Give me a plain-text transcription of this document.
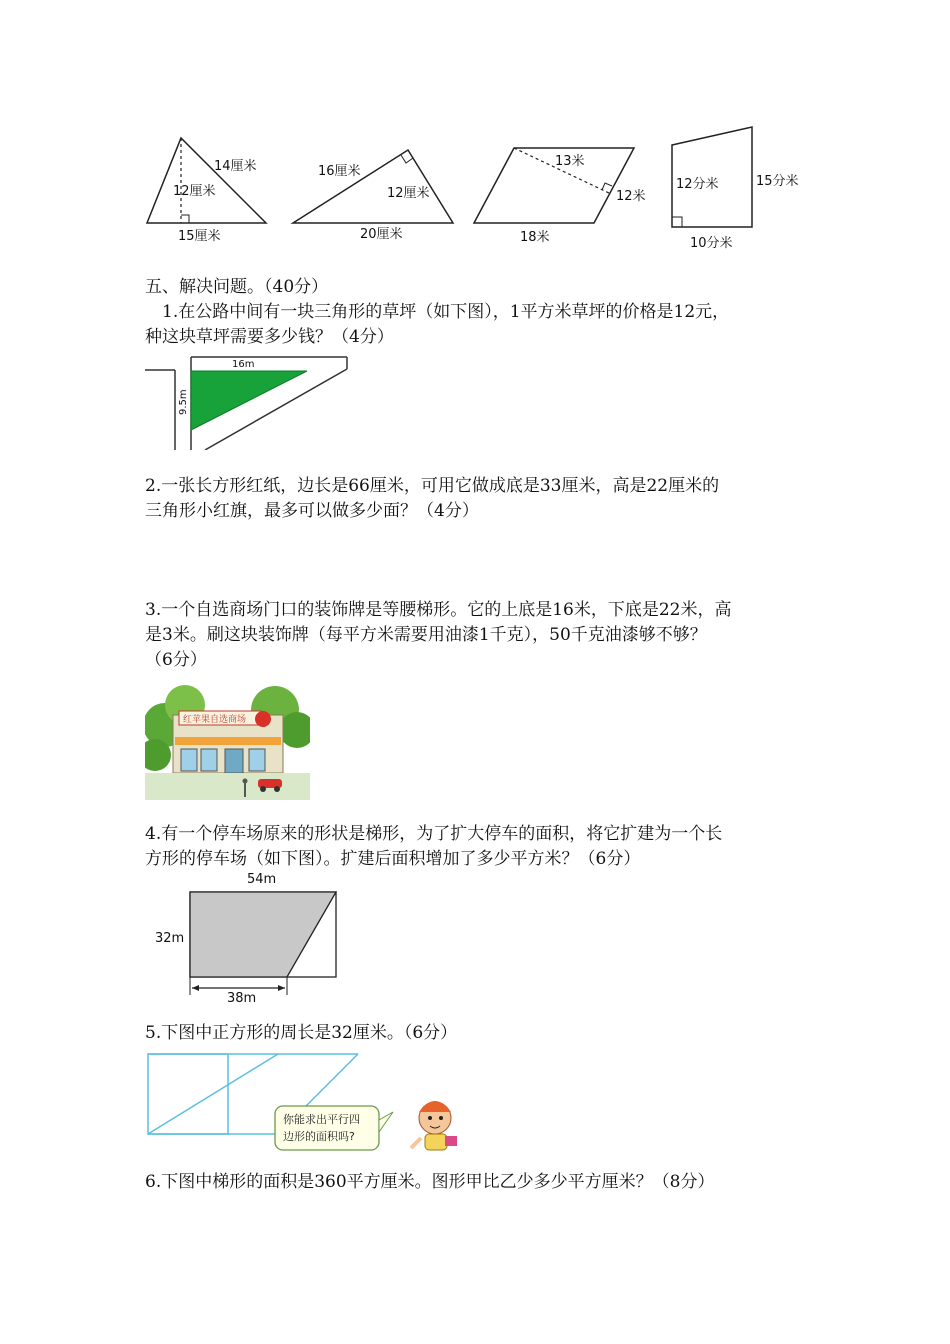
14厘米
12厘米
15厘米
16厘米
12厘米
20厘米
13米
12米
18米
12分米	15分米
10分米
五、解决问题。（40分）
1.在公路中间有一块三角形的草坪（如下图），1平方米草坪的价格是12元，
种这块草坪需要多少钱？（4分）
16m
9.5m
2.一张长方形红纸，边长是66厘米，可用它做成底是33厘米，高是22厘米的
三角形小红旗，最多可以做多少面？（4分）
3.一个自选商场门口的装饰牌是等腰梯形。它的上底是16米，下底是22米，高
是3米。刷这块装饰牌（每平方米需要用油漆1千克），50千克油漆够不够？
（6分）
红苹果自选商场
4.有一个停车场原来的形状是梯形，为了扩大停车的面积，将它扩建为一个长
方形的停车场（如下图）。扩建后面积增加了多少平方米？（6分）
54m
32m
38m
5.下图中正方形的周长是32厘米。（6分）
你能求出平行四
边形的面积吗?
6.下图中梯形的面积是360平方厘米。图形甲比乙少多少平方厘米？（8分）
